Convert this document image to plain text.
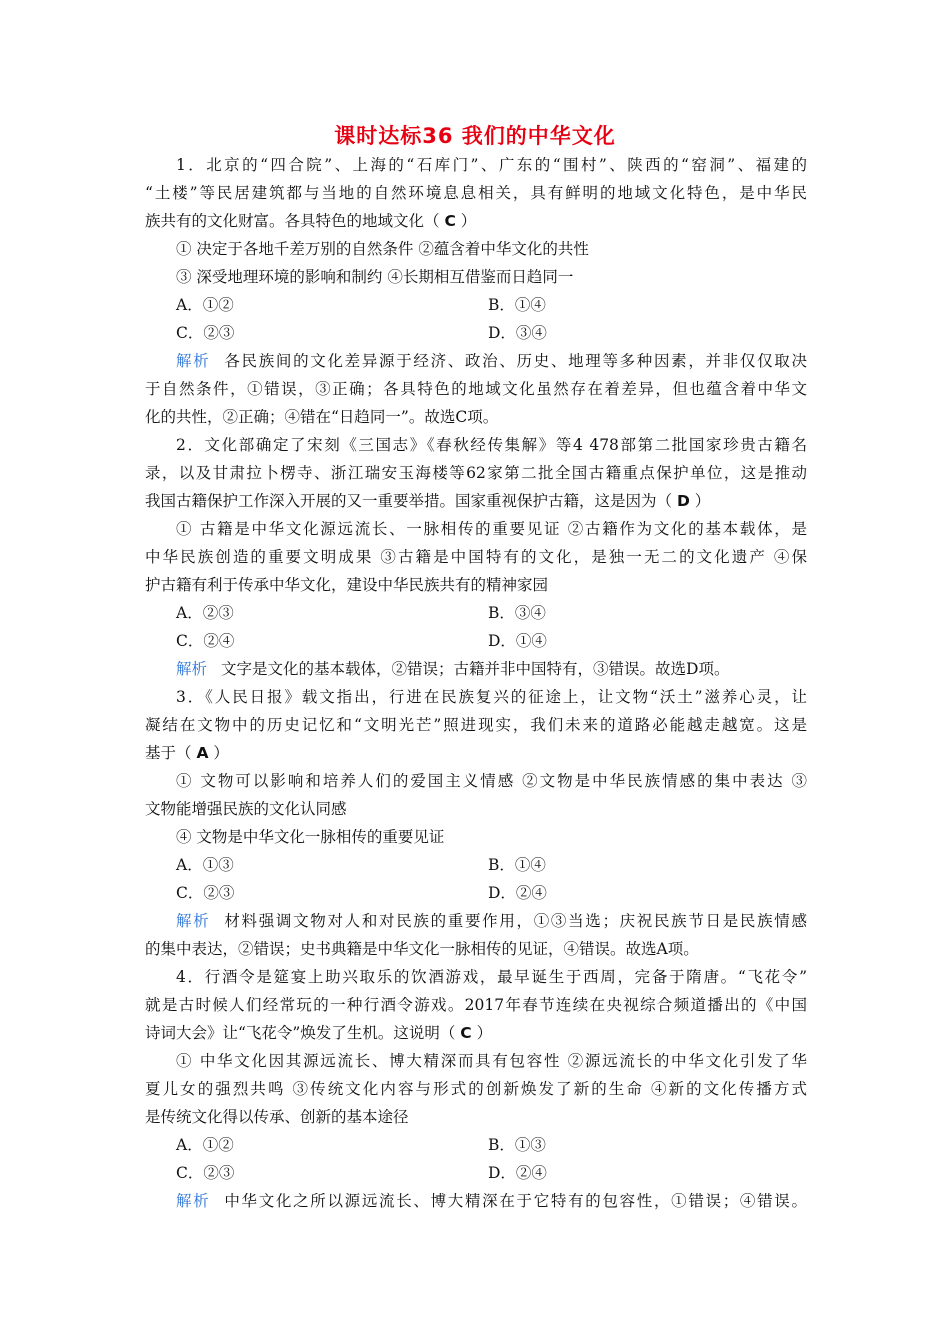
课时达标36 我们的中华文化
1．北京的“四合院”、上海的“石库门”、广东的“围村”、陕西的“窑洞”、福建的
“土楼”等民居建筑都与当地的自然环境息息相关，具有鲜明的地域文化特色，是中华民
族共有的文化财富。各具特色的地域文化（ C ）
① 决定于各地千差万别的自然条件 ②蕴含着中华文化的共性
③ 深受地理环境的影响和制约 ④长期相互借鉴而日趋同一
A．①②	B．①④
C．②③	D．③④
解析 各民族间的文化差异源于经济、政治、历史、地理等多种因素，并非仅仅取决
于自然条件，①错误，③正确；各具特色的地域文化虽然存在着差异，但也蕴含着中华文
化的共性，②正确；④错在“日趋同一”。故选C项。
2．文化部确定了宋刻《三国志》《春秋经传集解》等4 478部第二批国家珍贵古籍名
录，以及甘肃拉卜楞寺、浙江瑞安玉海楼等62家第二批全国古籍重点保护单位，这是推动
我国古籍保护工作深入开展的又一重要举措。国家重视保护古籍，这是因为（ D ）
① 古籍是中华文化源远流长、一脉相传的重要见证 ②古籍作为文化的基本载体，是
中华民族创造的重要文明成果 ③古籍是中国特有的文化，是独一无二的文化遗产 ④保
护古籍有利于传承中华文化，建设中华民族共有的精神家园
A．②③	B．③④
C．②④	D．①④
解析 文字是文化的基本载体，②错误；古籍并非中国特有，③错误。故选D项。
3．《人民日报》载文指出，行进在民族复兴的征途上，让文物“沃土”滋养心灵，让
凝结在文物中的历史记忆和“文明光芒”照进现实，我们未来的道路必能越走越宽。这是
基于（ A ）
① 文物可以影响和培养人们的爱国主义情感 ②文物是中华民族情感的集中表达 ③
文物能增强民族的文化认同感
④ 文物是中华文化一脉相传的重要见证
A．①③	B．①④
C．②③	D．②④
解析 材料强调文物对人和对民族的重要作用，①③当选；庆祝民族节日是民族情感
的集中表达，②错误；史书典籍是中华文化一脉相传的见证，④错误。故选A项。
4．行酒令是筵宴上助兴取乐的饮酒游戏，最早诞生于西周，完备于隋唐。“飞花令”
就是古时候人们经常玩的一种行酒令游戏。2017年春节连续在央视综合频道播出的《中国
诗词大会》让“飞花令”焕发了生机。这说明（ C ）
① 中华文化因其源远流长、博大精深而具有包容性 ②源远流长的中华文化引发了华
夏儿女的强烈共鸣 ③传统文化内容与形式的创新焕发了新的生命 ④新的文化传播方式
是传统文化得以传承、创新的基本途径
A．①②	B．①③
C．②③	D．②④
解析 中华文化之所以源远流长、博大精深在于它特有的包容性，①错误；④错误。
